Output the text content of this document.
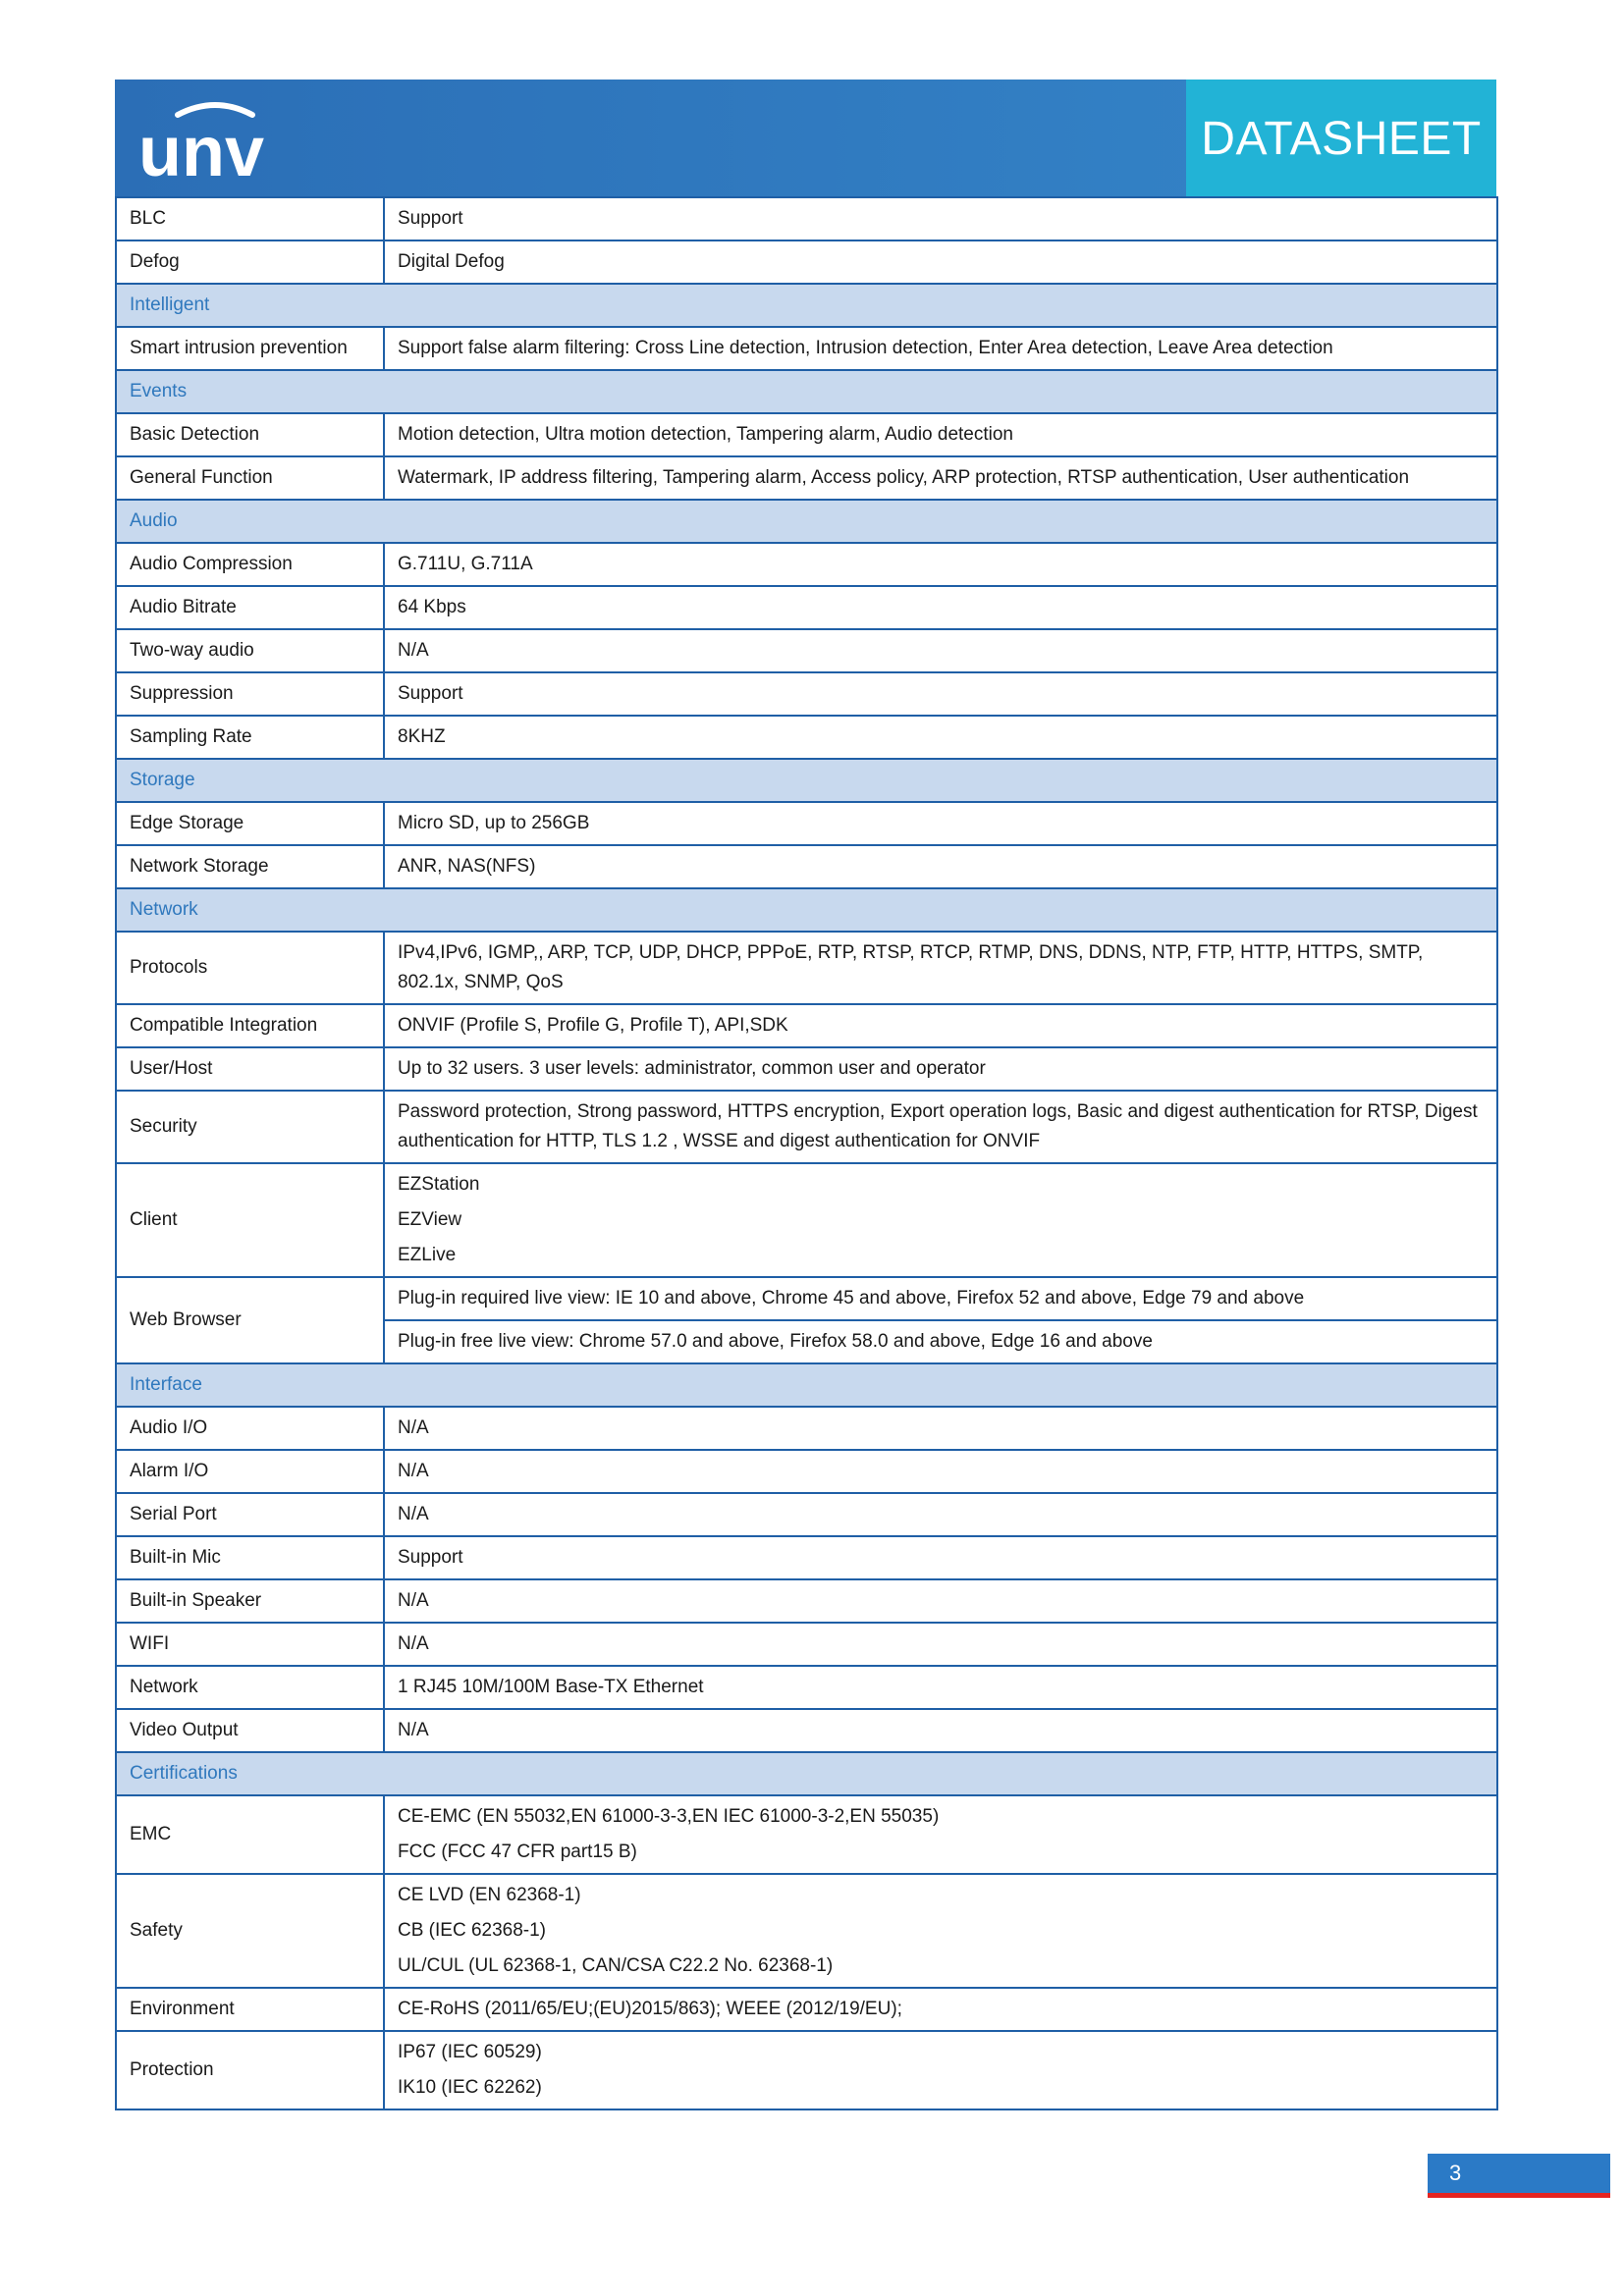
unv	DATASHEET
BLC	Support
Defog	Digital Defog
Intelligent	
Smart intrusion prevention	Support false alarm filtering: Cross Line detection, Intrusion detection, Enter Area detection, Leave Area detection
Events	
Basic Detection	Motion detection, Ultra motion detection, Tampering alarm, Audio detection
General Function	Watermark, IP address filtering, Tampering alarm, Access policy, ARP protection, RTSP authentication, User authentication
Audio	
Audio Compression	G.711U, G.711A
Audio Bitrate	64 Kbps
Two-way audio	N/A
Suppression	Support
Sampling Rate	8KHZ
Storage	
Edge Storage	Micro SD, up to 256GB
Network Storage	ANR, NAS(NFS)
Network	
Protocols	IPv4,IPv6, IGMP,, ARP, TCP, UDP, DHCP, PPPoE, RTP, RTSP, RTCP, RTMP, DNS, DDNS, NTP, FTP, HTTP, HTTPS, SMTP, 802.1x, SNMP, QoS
Compatible Integration	ONVIF (Profile S, Profile G, Profile T), API,SDK
User/Host	Up to 32 users. 3 user levels: administrator, common user and operator
Security	Password protection, Strong password, HTTPS encryption, Export operation logs, Basic and digest authentication for RTSP, Digest authentication for HTTP, TLS 1.2 , WSSE and digest authentication for ONVIF
Client	EZStation
EZView
EZLive

Web Browser	Plug-in required live view: IE 10 and above, Chrome 45 and above, Firefox 52 and above, Edge 79 and above
	Plug-in free live view: Chrome 57.0 and above, Firefox 58.0 and above, Edge 16 and above
Interface	
Audio I/O	N/A
Alarm I/O	N/A
Serial Port	N/A
Built-in Mic	Support
Built-in Speaker	N/A
WIFI	N/A
Network	1 RJ45 10M/100M Base-TX Ethernet
Video Output	N/A
Certifications	
EMC	CE-EMC (EN 55032,EN 61000-3-3,EN IEC 61000-3-2,EN 55035)
FCC (FCC 47 CFR part15 B)

Safety	CE LVD (EN 62368-1)
CB (IEC 62368-1)
UL/CUL (UL 62368-1, CAN/CSA C22.2 No. 62368-1)

Environment	CE-RoHS (2011/65/EU;(EU)2015/863); WEEE (2012/19/EU);
Protection	IP67 (IEC 60529)
IK10 (IEC 62262)
3
